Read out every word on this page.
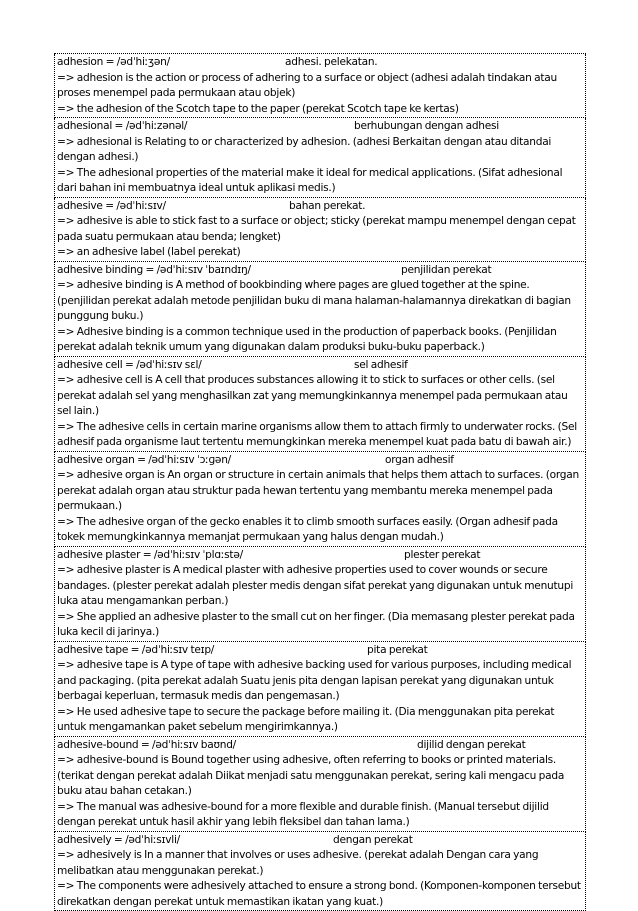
adhesion = /ədˈhiːʒən/	adhesi. pelekatan.
=> adhesion is the action or process of adhering to a surface or object (adhesi adalah tindakan atau proses menempel pada permukaan atau objek)
=> the adhesion of the Scotch tape to the paper (perekat Scotch tape ke kertas)
adhesional = /ədˈhiːzənəl/	berhubungan dengan adhesi
=> adhesional is Relating to or characterized by adhesion. (adhesi Berkaitan dengan atau ditandai dengan adhesi.)
=> The adhesional properties of the material make it ideal for medical applications. (Sifat adhesional dari bahan ini membuatnya ideal untuk aplikasi medis.)
adhesive = /ədˈhiːsɪv/	bahan perekat.
=> adhesive is able to stick fast to a surface or object; sticky (perekat mampu menempel dengan cepat pada suatu permukaan atau benda; lengket)
=> an adhesive label (label perekat)
adhesive binding = /ədˈhiːsɪv ˈbaɪndɪŋ/	penjilidan perekat
=> adhesive binding is A method of bookbinding where pages are glued together at the spine. (penjilidan perekat adalah metode penjilidan buku di mana halaman-halamannya direkatkan di bagian punggung buku.)
=> Adhesive binding is a common technique used in the production of paperback books. (Penjilidan perekat adalah teknik umum yang digunakan dalam produksi buku-buku paperback.)
adhesive cell = /ədˈhiːsɪv sɛl/	sel adhesif
=> adhesive cell is A cell that produces substances allowing it to stick to surfaces or other cells. (sel perekat adalah sel yang menghasilkan zat yang memungkinkannya menempel pada permukaan atau sel lain.)
=> The adhesive cells in certain marine organisms allow them to attach firmly to underwater rocks. (Sel adhesif pada organisme laut tertentu memungkinkan mereka menempel kuat pada batu di bawah air.)
adhesive organ = /ədˈhiːsɪv ˈɔːɡən/	organ adhesif
=> adhesive organ is An organ or structure in certain animals that helps them attach to surfaces. (organ perekat adalah organ atau struktur pada hewan tertentu yang membantu mereka menempel pada permukaan.)
=> The adhesive organ of the gecko enables it to climb smooth surfaces easily. (Organ adhesif pada tokek memungkinkannya memanjat permukaan yang halus dengan mudah.)
adhesive plaster = /ədˈhiːsɪv ˈplɑːstə/	plester perekat
=> adhesive plaster is A medical plaster with adhesive properties used to cover wounds or secure bandages. (plester perekat adalah plester medis dengan sifat perekat yang digunakan untuk menutupi luka atau mengamankan perban.)
=> She applied an adhesive plaster to the small cut on her finger. (Dia memasang plester perekat pada luka kecil di jarinya.)
adhesive tape = /ədˈhiːsɪv teɪp/	pita perekat
=> adhesive tape is A type of tape with adhesive backing used for various purposes, including medical and packaging. (pita perekat adalah Suatu jenis pita dengan lapisan perekat yang digunakan untuk berbagai keperluan, termasuk medis dan pengemasan.)
=> He used adhesive tape to secure the package before mailing it. (Dia menggunakan pita perekat untuk mengamankan paket sebelum mengirimkannya.)
adhesive-bound = /ədˈhiːsɪv baʊnd/	dijilid dengan perekat
=> adhesive-bound is Bound together using adhesive, often referring to books or printed materials. (terikat dengan perekat adalah Diikat menjadi satu menggunakan perekat, sering kali mengacu pada buku atau bahan cetakan.)
=> The manual was adhesive-bound for a more flexible and durable finish. (Manual tersebut dijilid dengan perekat untuk hasil akhir yang lebih fleksibel dan tahan lama.)
adhesively = /ədˈhiːsɪvli/	dengan perekat
=> adhesively is In a manner that involves or uses adhesive. (perekat adalah Dengan cara yang melibatkan atau menggunakan perekat.)
=> The components were adhesively attached to ensure a strong bond. (Komponen-komponen tersebut direkatkan dengan perekat untuk memastikan ikatan yang kuat.)
